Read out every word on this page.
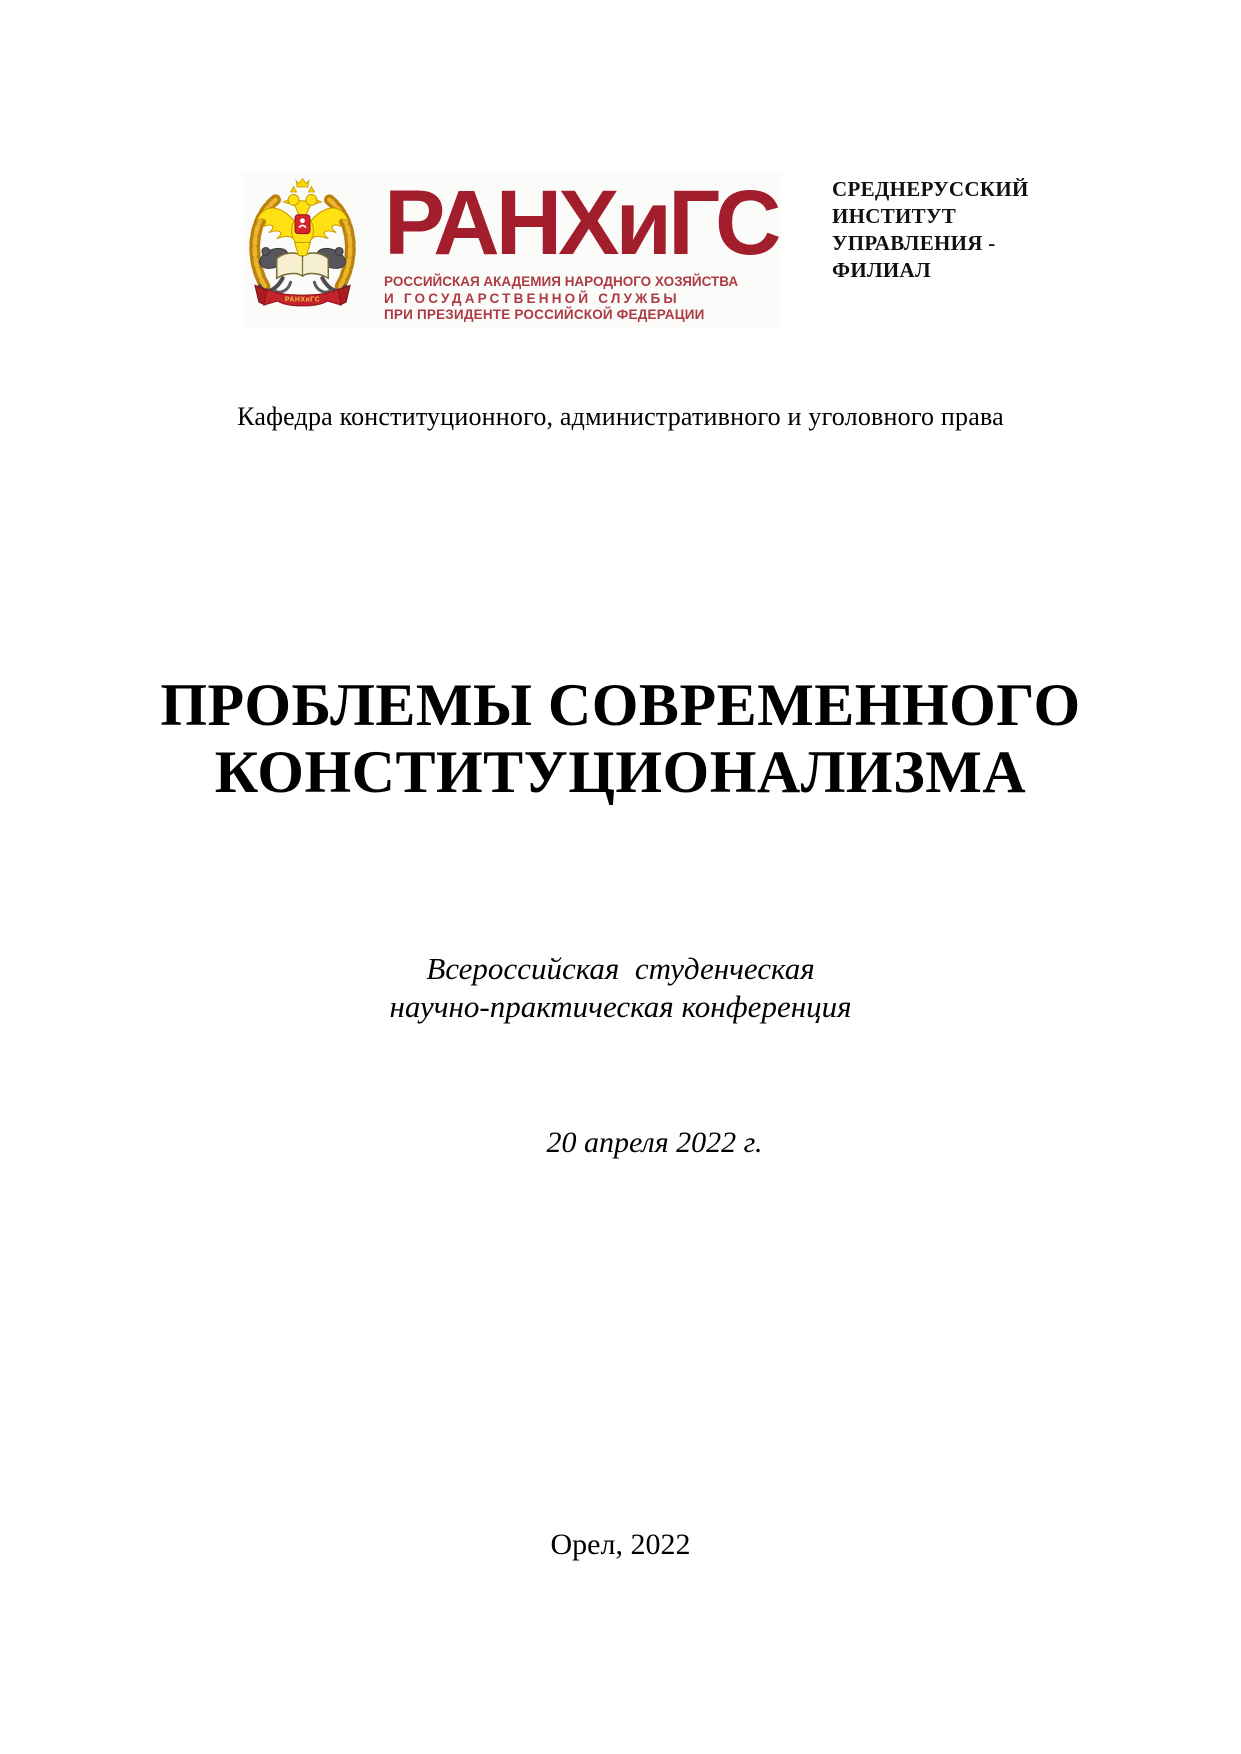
РАНХиГС
РАНХиГС
РОССИЙСКАЯ АКАДЕМИЯ НАРОДНОГО ХОЗЯЙСТВА
И ГОСУДАРСТВЕННОЙ СЛУЖБЫ
ПРИ ПРЕЗИДЕНТЕ РОССИЙСКОЙ ФЕДЕРАЦИИ
СРЕДНЕРУССКИЙ
ИНСТИТУТ
УПРАВЛЕНИЯ -
ФИЛИАЛ
Кафедра конституционного, административного и уголовного права
ПРОБЛЕМЫ СОВРЕМЕННОГО
КОНСТИТУЦИОНАЛИЗМА
Всероссийская  студенческая
научно-практическая конференция
20 апреля 2022 г.
Орел, 2022
